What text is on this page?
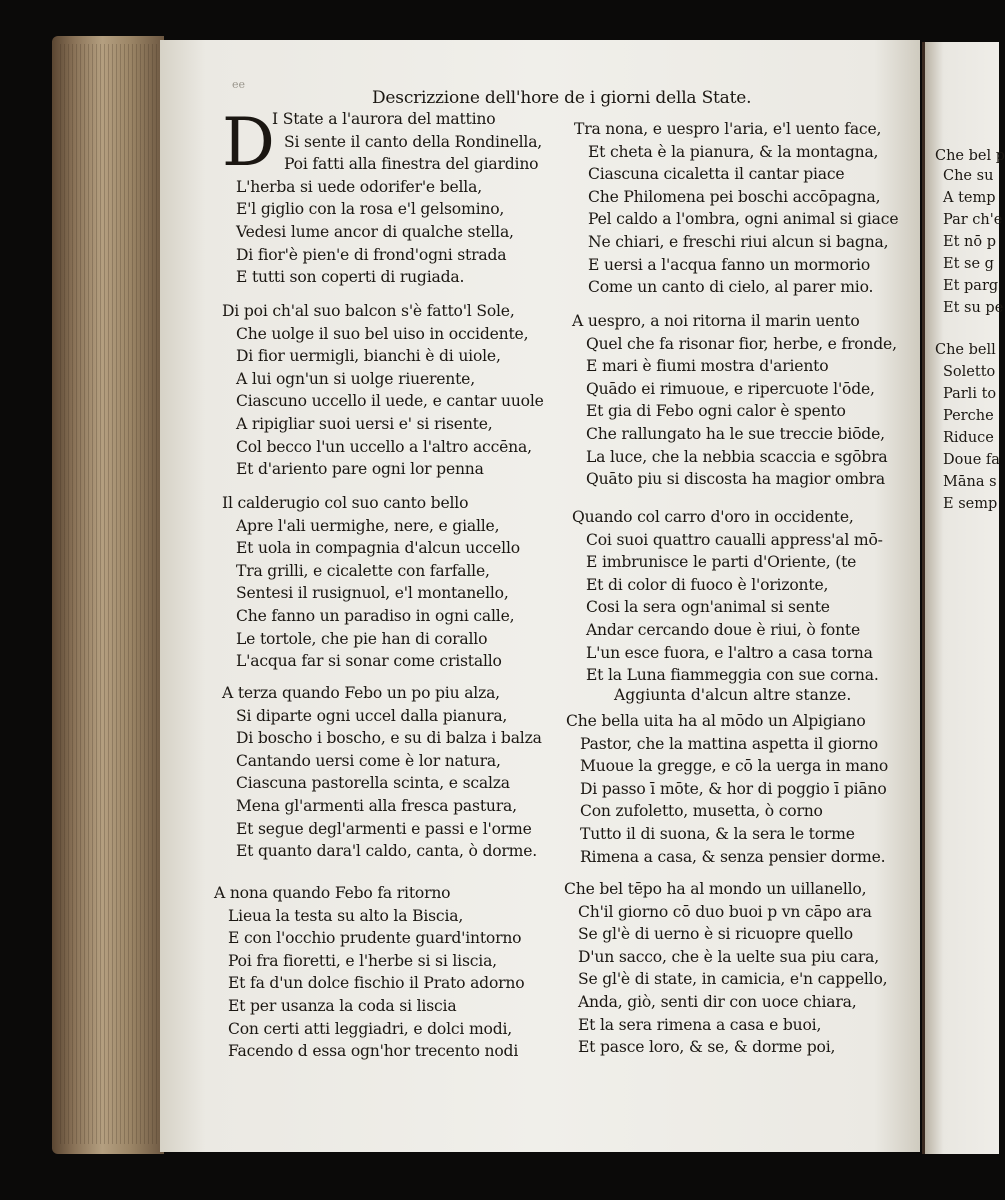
ee
Descrizzione dell'hore de i giorni della State.
D
I State a l'aurora del mattino
Si sente il canto della Rondinella,
Poi fatti alla finestra del giardino
L'herba si uede odorifer'e bella,
E'l giglio con la rosa e'l gelsomino,
Vedesi lume ancor di qualche stella,
Di fior'è pien'e di frond'ogni strada
E tutti son coperti di rugiada.
Di poi ch'al suo balcon s'è fatto'l Sole,
Che uolge il suo bel uiso in occidente,
Di fior uermigli, bianchi è di uiole,
A lui ogn'un si uolge riuerente,
Ciascuno uccello il uede, e cantar uuole
A ripigliar suoi uersi e' si risente,
Col becco l'un uccello a l'altro accēna,
Et d'ariento pare ogni lor penna
Il calderugio col suo canto bello
Apre l'ali uermighe, nere, e gialle,
Et uola in compagnia d'alcun uccello
Tra grilli, e cicalette con farfalle,
Sentesi il rusignuol, e'l montanello,
Che fanno un paradiso in ogni calle,
Le tortole, che pie han di corallo
L'acqua far si sonar come cristallo
A terza quando Febo un po piu alza,
Si diparte ogni uccel dalla pianura,
Di boscho i boscho, e su di balza i balza
Cantando uersi come è lor natura,
Ciascuna pastorella scinta, e scalza
Mena gl'armenti alla fresca pastura,
Et segue degl'armenti e passi e l'orme
Et quanto dara'l caldo, canta, ò dorme.
A nona quando Febo fa ritorno
Lieua la testa su alto la Biscia,
E con l'occhio prudente guard'intorno
Poi fra fioretti, e l'herbe si si liscia,
Et fa d'un dolce fischio il Prato adorno
Et per usanza la coda si liscia
Con certi atti leggiadri, e dolci modi,
Facendo d essa ogn'hor trecento nodi
Tra nona, e uespro l'aria, e'l uento face,
Et cheta è la pianura, & la montagna,
Ciascuna cicaletta il cantar piace
Che Philomena pei boschi accōpagna,
Pel caldo a l'ombra, ogni animal si giace
Ne chiari, e freschi riui alcun si bagna,
E uersi a l'acqua fanno un mormorio
Come un canto di cielo, al parer mio.
A uespro, a noi ritorna il marin uento
Quel che fa risonar fior, herbe, e fronde,
E mari è fiumi mostra d'ariento
Quādo ei rimuoue, e ripercuote l'ōde,
Et gia di Febo ogni calor è spento
Che rallungato ha le sue treccie biōde,
La luce, che la nebbia scaccia e sgōbra
Quāto piu si discosta ha magior ombra
Quando col carro d'oro in occidente,
Coi suoi quattro caualli appress'al mō-
E imbrunisce le parti d'Oriente, (te
Et di color di fuoco è l'orizonte,
Cosi la sera ogn'animal si sente
Andar cercando doue è riui, ò fonte
L'un esce fuora, e l'altro a casa torna
Et la Luna fiammeggia con sue corna.
Che bella uita ha al mōdo un Alpigiano
Pastor, che la mattina aspetta il giorno
Muoue la gregge, e cō la uerga in mano
Di passo ī mōte, & hor di poggio ī piāno
Con zufoletto, musetta, ò corno
Tutto il di suona, & la sera le torme
Rimena a casa, & senza pensier dorme.
Che bel tēpo ha al mondo un uillanello,
Ch'il giorno cō duo buoi p vn cāpo ara
Se gl'è di uerno è si ricuopre quello
D'un sacco, che è la uelte sua piu cara,
Se gl'è di state, in camicia, e'n cappello,
Anda, giò, senti dir con uoce chiara,
Et la sera rimena a casa e buoi,
Et pasce loro, & se, & dorme poi,
Aggiunta d'alcun altre stanze.
Che bel p
Che su
A temp
Par ch'e
Et nō p
Et se g
Et parg
Et su pe
Che bell
Soletto
Parli to
Perche
Riduce
Doue fa
Māna s
E semp
